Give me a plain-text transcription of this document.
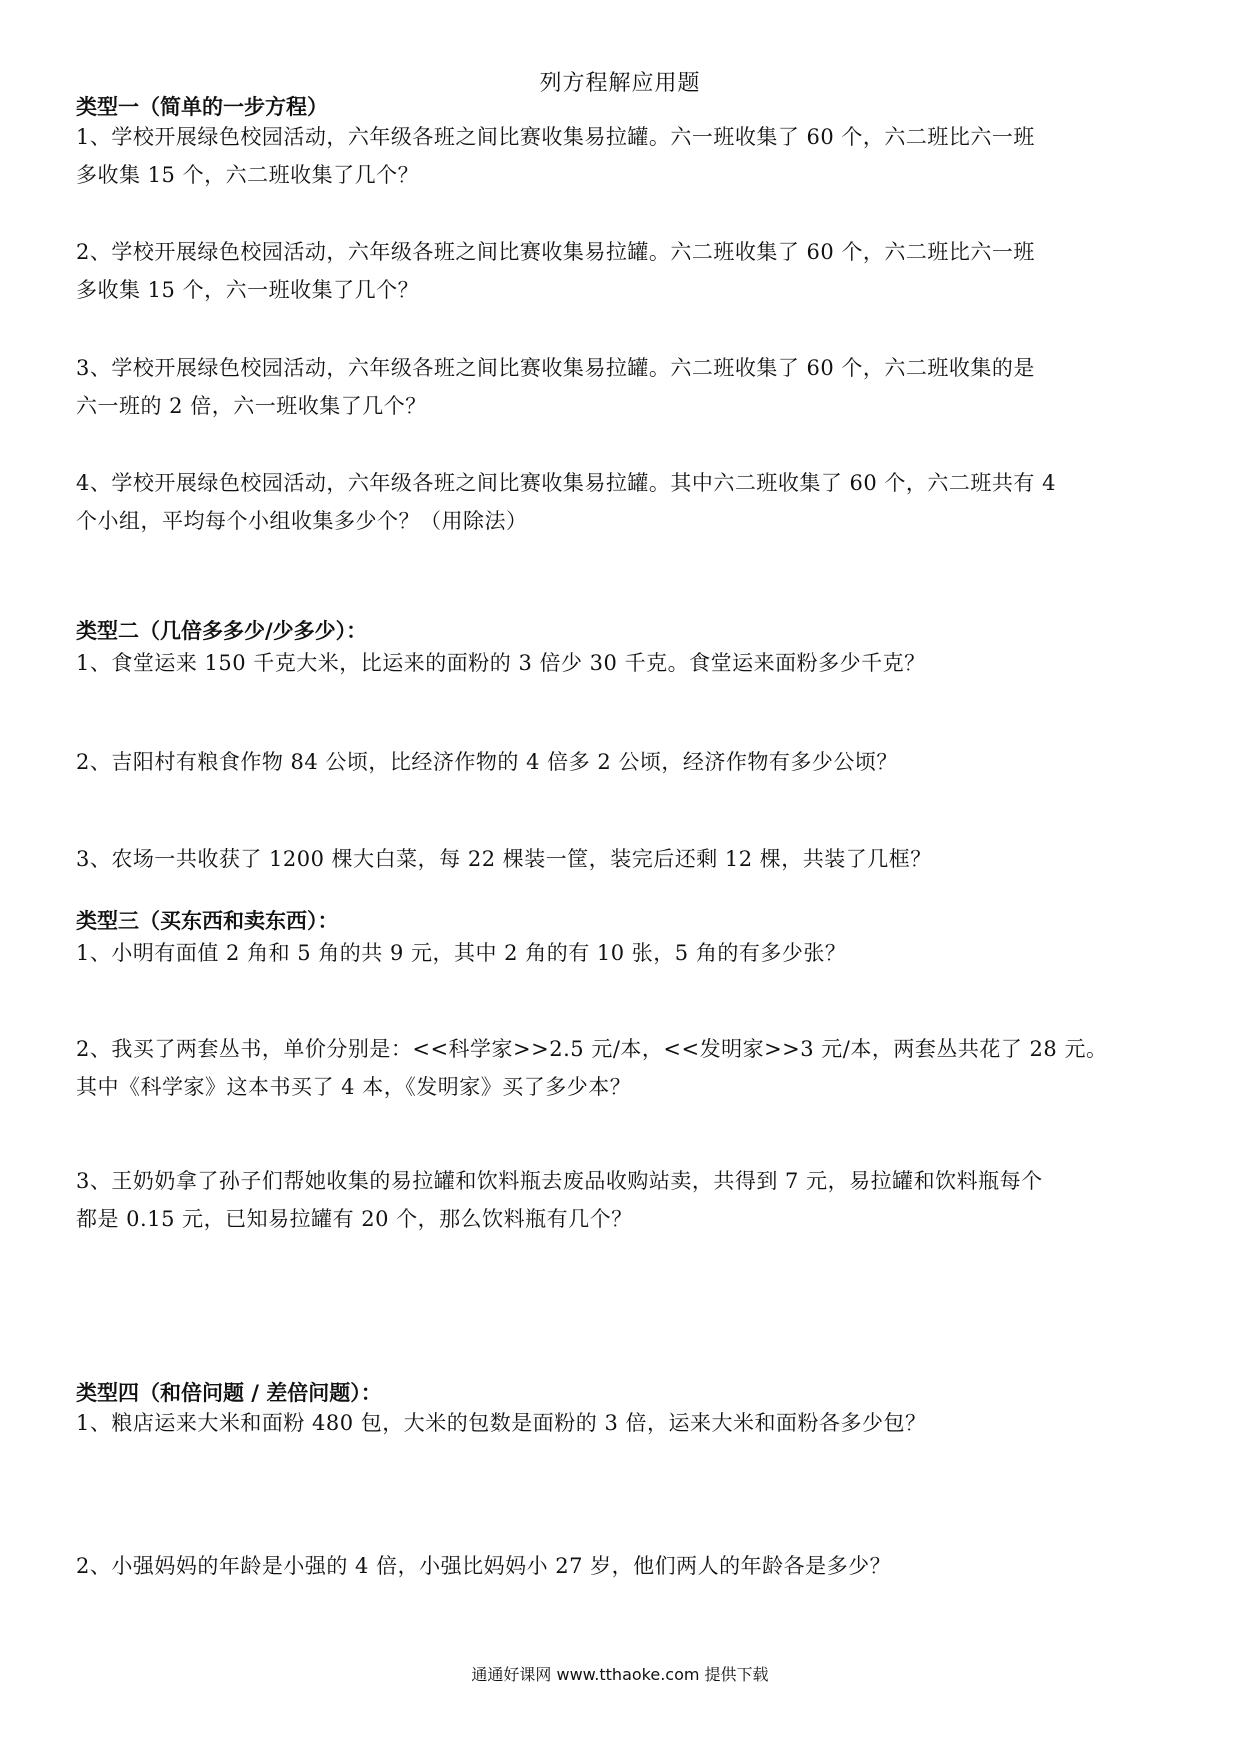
列方程解应用题
类型一（简单的一步方程）
1、学校开展绿色校园活动，六年级各班之间比赛收集易拉罐。六一班收集了 60 个，六二班比六一班
多收集 15 个，六二班收集了几个？
2、学校开展绿色校园活动，六年级各班之间比赛收集易拉罐。六二班收集了 60 个，六二班比六一班
多收集 15 个，六一班收集了几个？
3、学校开展绿色校园活动，六年级各班之间比赛收集易拉罐。六二班收集了 60 个，六二班收集的是
六一班的 2 倍，六一班收集了几个？
4、学校开展绿色校园活动，六年级各班之间比赛收集易拉罐。其中六二班收集了 60 个，六二班共有 4
个小组，平均每个小组收集多少个？（用除法）
类型二（几倍多多少/少多少）：
1、食堂运来 150 千克大米，比运来的面粉的 3 倍少 30 千克。食堂运来面粉多少千克？
2、吉阳村有粮食作物 84 公顷，比经济作物的 4 倍多 2 公顷，经济作物有多少公顷？
3、农场一共收获了 1200 棵大白菜，每 22 棵装一筐，装完后还剩 12 棵，共装了几框？
类型三（买东西和卖东西）：
1、小明有面值 2 角和 5 角的共 9 元，其中 2 角的有 10 张，5 角的有多少张？
2、我买了两套丛书，单价分别是：<<科学家>>2.5 元/本，<<发明家>>3 元/本，两套丛共花了 28 元。
其中《科学家》这本书买了 4 本，《发明家》买了多少本？
3、王奶奶拿了孙子们帮她收集的易拉罐和饮料瓶去废品收购站卖，共得到 7 元，易拉罐和饮料瓶每个
都是 0.15 元，已知易拉罐有 20 个，那么饮料瓶有几个？
类型四（和倍问题 / 差倍问题）：
1、粮店运来大米和面粉 480 包，大米的包数是面粉的 3 倍，运来大米和面粉各多少包？
2、小强妈妈的年龄是小强的 4 倍，小强比妈妈小 27 岁，他们两人的年龄各是多少？
通通好课网 www.tthaoke.com 提供下载
